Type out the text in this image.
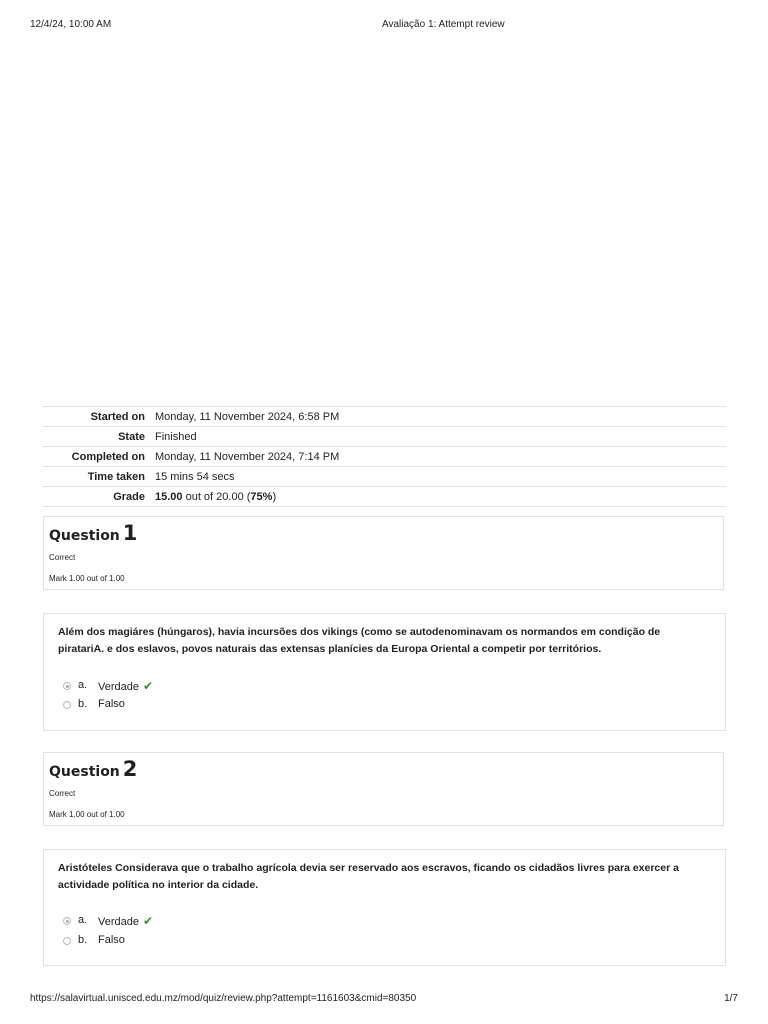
12/4/24, 10:00 AM	Avaliação 1: Attempt review
Started on	Monday, 11 November 2024, 6:58 PM
State	Finished
Completed on	Monday, 11 November 2024, 7:14 PM
Time taken	15 mins 54 secs
Grade	15.00 out of 20.00 (75%)
Question 1
Correct
Mark 1.00 out of 1.00
Além dos magiáres (húngaros), havia incursões dos vikings (como se autodenominavam os normandos em condição de piratariA. e dos eslavos, povos naturais das extensas planícies da Europa Oriental a competir por territórios.
a. Verdade ✔
b. Falso
Question 2
Correct
Mark 1.00 out of 1.00
Aristóteles Considerava que o trabalho agrícola devia ser reservado aos escravos, ficando os cidadãos livres para exercer a actividade política no interior da cidade.
a. Verdade ✔
b. Falso
https://salavirtual.unisced.edu.mz/mod/quiz/review.php?attempt=1161603&cmid=80350	1/7
